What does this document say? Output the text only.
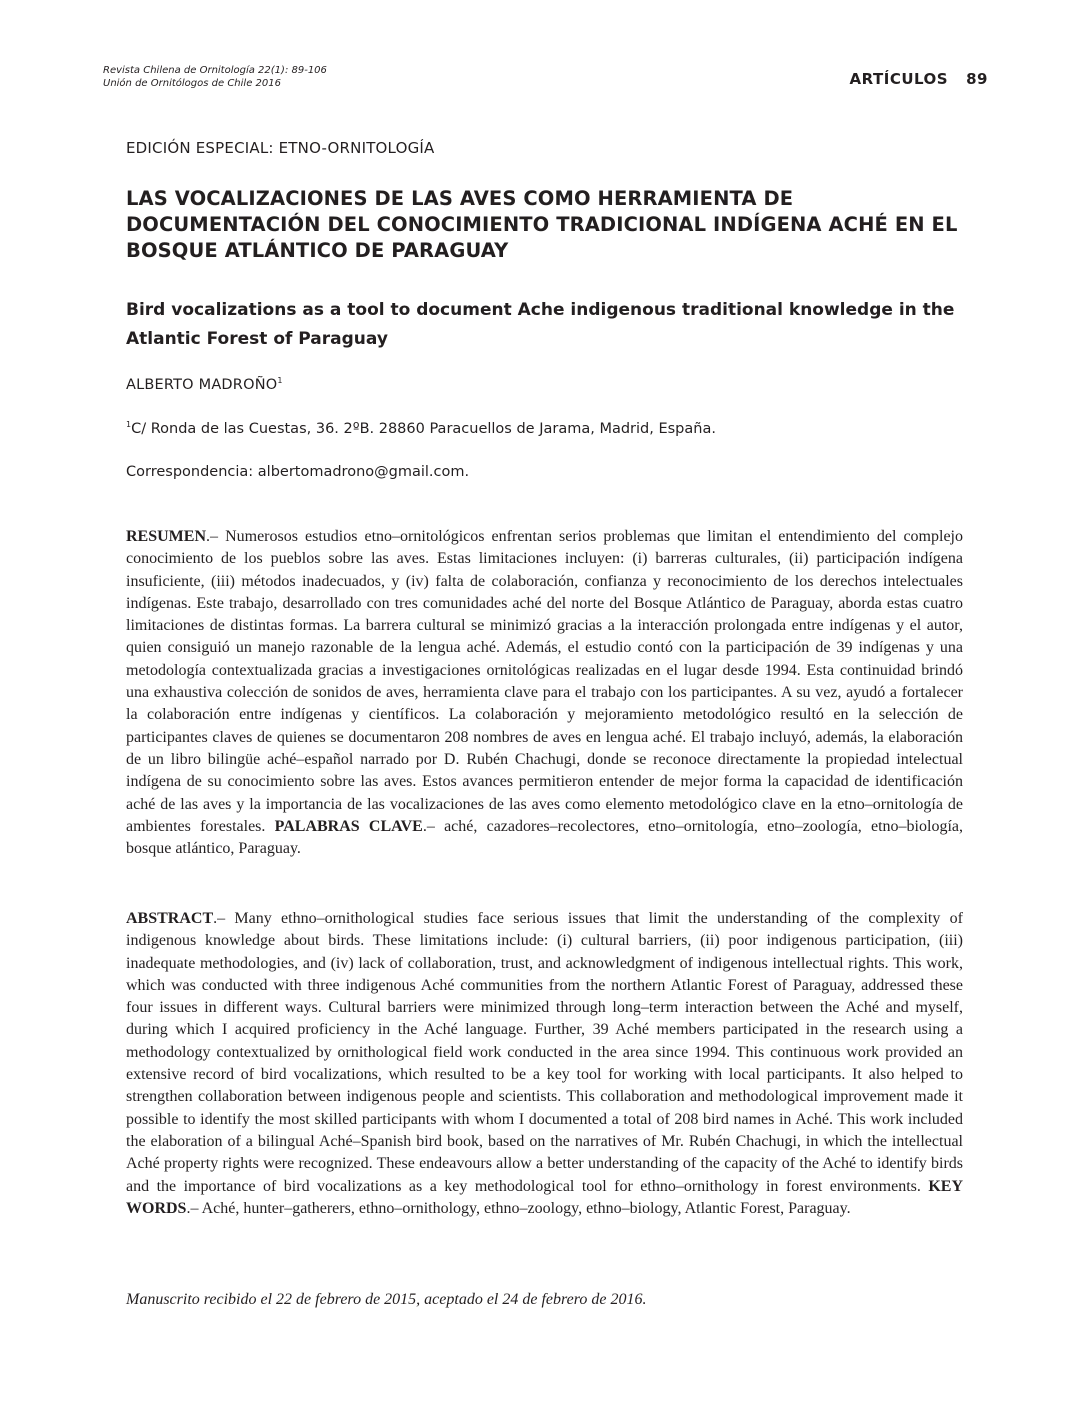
Revista Chilena de Ornitología 22(1): 89-106
Unión de Ornitólogos de Chile 2016	ARTÍCULOS 89
EDICIÓN ESPECIAL: ETNO-ORNITOLOGÍA
LAS VOCALIZACIONES DE LAS AVES COMO HERRAMIENTA DE DOCUMENTACIÓN DEL CONOCIMIENTO TRADICIONAL INDÍGENA ACHÉ EN EL BOSQUE ATLÁNTICO DE PARAGUAY
Bird vocalizations as a tool to document Ache indigenous traditional knowledge in the Atlantic Forest of Paraguay
ALBERTO MADROÑO$^1$
$^1$C/ Ronda de las Cuestas, 36. 2ºB. 28860 Paracuellos de Jarama, Madrid, España.
Correspondencia: albertomadrono@gmail.com.
RESUMEN.– Numerosos estudios etno–ornitológicos enfrentan serios problemas que limitan el entendimiento del complejo conocimiento de los pueblos sobre las aves. Estas limitaciones incluyen: (i) barreras culturales, (ii) participación indígena insuficiente, (iii) métodos inadecuados, y (iv) falta de colaboración, confianza y reconocimiento de los derechos intelectuales indígenas. Este trabajo, desarrollado con tres comunidades aché del norte del Bosque Atlántico de Paraguay, aborda estas cuatro limitaciones de distintas formas. La barrera cultural se minimizó gracias a la interacción prolongada entre indígenas y el autor, quien consiguió un manejo razonable de la lengua aché. Además, el estudio contó con la participación de 39 indígenas y una metodología contextualizada gracias a investigaciones ornitológicas realizadas en el lugar desde 1994. Esta continuidad brindó una exhaustiva colección de sonidos de aves, herramienta clave para el trabajo con los participantes. A su vez, ayudó a fortalecer la colaboración entre indígenas y científicos. La colaboración y mejoramiento metodológico resultó en la selección de participantes claves de quienes se documentaron 208 nombres de aves en lengua aché. El trabajo incluyó, además, la elaboración de un libro bilingüe aché–español narrado por D. Rubén Chachugi, donde se reconoce directamente la propiedad intelectual indígena de su conocimiento sobre las aves. Estos avances permitieron entender de mejor forma la capacidad de identificación aché de las aves y la importancia de las vocalizaciones de las aves como elemento metodológico clave en la etno–ornitología de ambientes forestales. PALABRAS CLAVE.– aché, cazadores–recolectores, etno–ornitología, etno–zoología, etno–biología, bosque atlántico, Paraguay.
ABSTRACT.– Many ethno–ornithological studies face serious issues that limit the understanding of the complexity of indigenous knowledge about birds. These limitations include: (i) cultural barriers, (ii) poor indigenous participation, (iii) inadequate methodologies, and (iv) lack of collaboration, trust, and acknowledgment of indigenous intellectual rights. This work, which was conducted with three indigenous Aché communities from the northern Atlantic Forest of Paraguay, addressed these four issues in different ways. Cultural barriers were minimized through long–term interaction between the Aché and myself, during which I acquired proficiency in the Aché language. Further, 39 Aché members participated in the research using a methodology contextualized by ornithological field work conducted in the area since 1994. This continuous work provided an extensive record of bird vocalizations, which resulted to be a key tool for working with local participants. It also helped to strengthen collaboration between indigenous people and scientists. This collaboration and methodological improvement made it possible to identify the most skilled participants with whom I documented a total of 208 bird names in Aché. This work included the elaboration of a bilingual Aché–Spanish bird book, based on the narratives of Mr. Rubén Chachugi, in which the intellectual Aché property rights were recognized. These endeavours allow a better understanding of the capacity of the Aché to identify birds and the importance of bird vocalizations as a key methodological tool for ethno–ornithology in forest environments. KEY WORDS.– Aché, hunter–gatherers, ethno–ornithology, ethno–zoology, ethno–biology, Atlantic Forest, Paraguay.
Manuscrito recibido el 22 de febrero de 2015, aceptado el 24 de febrero de 2016.
